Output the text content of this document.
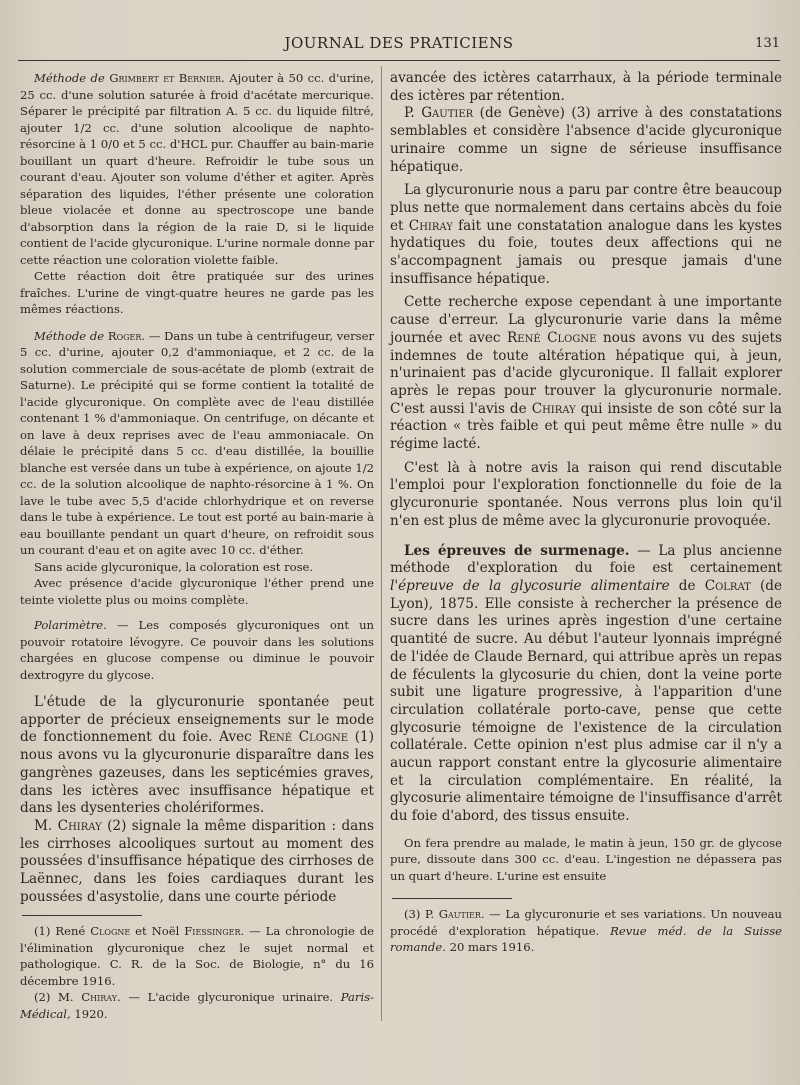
JOURNAL DES PRATICIENS	131

Méthode de Grimbert et Bernier. Ajouter à 50 cc. d'urine, 25 cc. d'une solution saturée à froid d'acétate mercurique. Séparer le précipité par filtration A. 5 cc. du liquide filtré, ajouter 1/2 cc. d'une solution alcoolique de naphto-résorcine à 1 0/0 et 5 cc. d'HCL pur. Chauffer au bain-marie bouillant un quart d'heure. Refroidir le tube sous un courant d'eau. Ajouter son volume d'éther et agiter. Après séparation des liquides, l'éther présente une coloration bleue violacée et donne au spectroscope une bande d'absorption dans la région de la raie D, si le liquide contient de l'acide glycuronique. L'urine normale donne par cette réaction une coloration violette faible.

Cette réaction doit être pratiquée sur des urines fraîches. L'urine de vingt-quatre heures ne garde pas les mêmes réactions.

Méthode de Roger. — Dans un tube à centrifugeur, verser 5 cc. d'urine, ajouter 0,2 d'ammoniaque, et 2 cc. de la solution commerciale de sous-acétate de plomb (extrait de Saturne). Le précipité qui se forme contient la totalité de l'acide glycuronique. On complète avec de l'eau distillée contenant 1 % d'ammoniaque. On centrifuge, on décante et on lave à deux reprises avec de l'eau ammoniacale. On délaie le précipité dans 5 cc. d'eau distillée, la bouillie blanche est versée dans un tube à expérience, on ajoute 1/2 cc. de la solution alcoolique de naphto-résorcine à 1 %. On lave le tube avec 5,5 d'acide chlorhydrique et on reverse dans le tube à expérience. Le tout est porté au bain-marie à eau bouillante pendant un quart d'heure, on refroidit sous un courant d'eau et on agite avec 10 cc. d'éther.

Sans acide glycuronique, la coloration est rose.

Avec présence d'acide glycuronique l'éther prend une teinte violette plus ou moins complète.

Polarimètre. — Les composés glycuroniques ont un pouvoir rotatoire lévogyre. Ce pouvoir dans les solutions chargées en glucose compense ou diminue le pouvoir dextrogyre du glycose.

L'étude de la glycuronurie spontanée peut apporter de précieux enseignements sur le mode de fonctionnement du foie. Avec René Clogne (1) nous avons vu la glycuronurie disparaître dans les gangrènes gazeuses, dans les septicémies graves, dans les ictères avec insuffisance hépatique et dans les dysenteries cholériformes.

M. Chiray (2) signale la même disparition : dans les cirrhoses alcooliques surtout au moment des poussées d'insuffisance hépatique des cirrhoses de Laënnec, dans les foies cardiaques durant les poussées d'asystolie, dans une courte période

(1) René Clogne et Noël Fiessinger. — La chronologie de l'élimination glycuronique chez le sujet normal et pathologique. C. R. de la Soc. de Biologie, n° du 16 décembre 1916.

(2) M. Chiray. — L'acide glycuronique urinaire. Paris-Médical, 1920.

avancée des ictères catarrhaux, à la période terminale des ictères par rétention.

P. Gautier (de Genève) (3) arrive à des constatations semblables et considère l'absence d'acide glycuronique urinaire comme un signe de sérieuse insuffisance hépatique.

La glycuronurie nous a paru par contre être beaucoup plus nette que normalement dans certains abcès du foie et Chiray fait une constatation analogue dans les kystes hydatiques du foie, toutes deux affections qui ne s'accompagnent jamais ou presque jamais d'une insuffisance hépatique.

Cette recherche expose cependant à une importante cause d'erreur. La glycuronurie varie dans la même journée et avec René Clogne nous avons vu des sujets indemnes de toute altération hépatique qui, à jeun, n'urinaient pas d'acide glycuronique. Il fallait explorer après le repas pour trouver la glycuronurie normale. C'est aussi l'avis de Chiray qui insiste de son côté sur la réaction « très faible et qui peut même être nulle » du régime lacté.

C'est là à notre avis la raison qui rend discutable l'emploi pour l'exploration fonctionnelle du foie de la glycuronurie spontanée. Nous verrons plus loin qu'il n'en est plus de même avec la glycuronurie provoquée.

Les épreuves de surmenage. — La plus ancienne méthode d'exploration du foie est certainement l'épreuve de la glycosurie alimentaire de Colrat (de Lyon), 1875. Elle consiste à rechercher la présence de sucre dans les urines après ingestion d'une certaine quantité de sucre. Au début l'auteur lyonnais imprégné de l'idée de Claude Bernard, qui attribue après un repas de féculents la glycosurie du chien, dont la veine porte subit une ligature progressive, à l'apparition d'une circulation collatérale porto-cave, pense que cette glycosurie témoigne de l'existence de la circulation collatérale. Cette opinion n'est plus admise car il n'y a aucun rapport constant entre la glycosurie alimentaire et la circulation complémentaire. En réalité, la glycosurie alimentaire témoigne de l'insuffisance d'arrêt du foie d'abord, des tissus ensuite.

On fera prendre au malade, le matin à jeun, 150 gr. de glycose pure, dissoute dans 300 cc. d'eau. L'ingestion ne dépassera pas un quart d'heure. L'urine est ensuite

(3) P. Gautier. — La glycuronurie et ses variations. Un nouveau procédé d'exploration hépatique. Revue méd. de la Suisse romande. 20 mars 1916.
